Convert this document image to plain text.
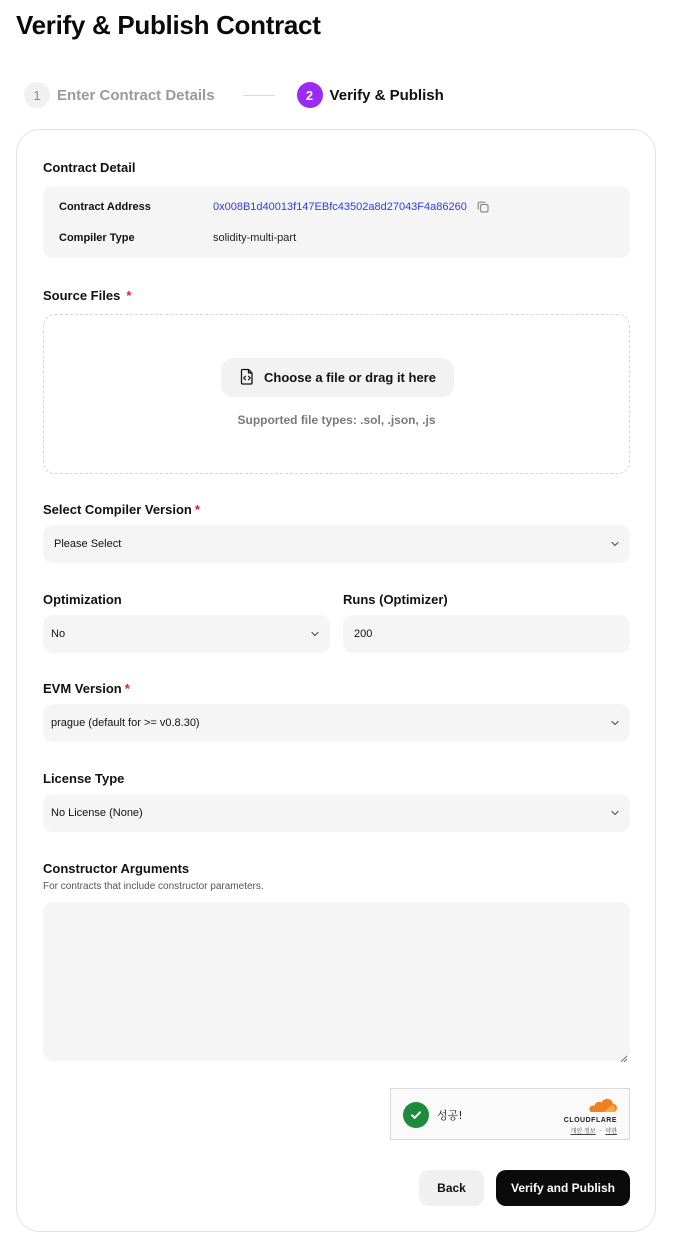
Verify & Publish Contract
1	Enter Contract Details	2	Verify & Publish
Contract Detail
Contract Address	0x008B1d40013f147EBfc43502a8d27043F4a86260
Compiler Type	solidity-multi-part
Source Files *
Choose a file or drag it here
Supported file types: .sol, .json, .js
Select Compiler Version *
Please Select
Optimization
No
Runs (Optimizer)
200
EVM Version *
prague (default for >= v0.8.30)
License Type
No License (None)
Constructor Arguments
For contracts that include constructor parameters.
성공!	CLOUDFLARE
개인 정보 · 약관
Back	Verify and Publish
